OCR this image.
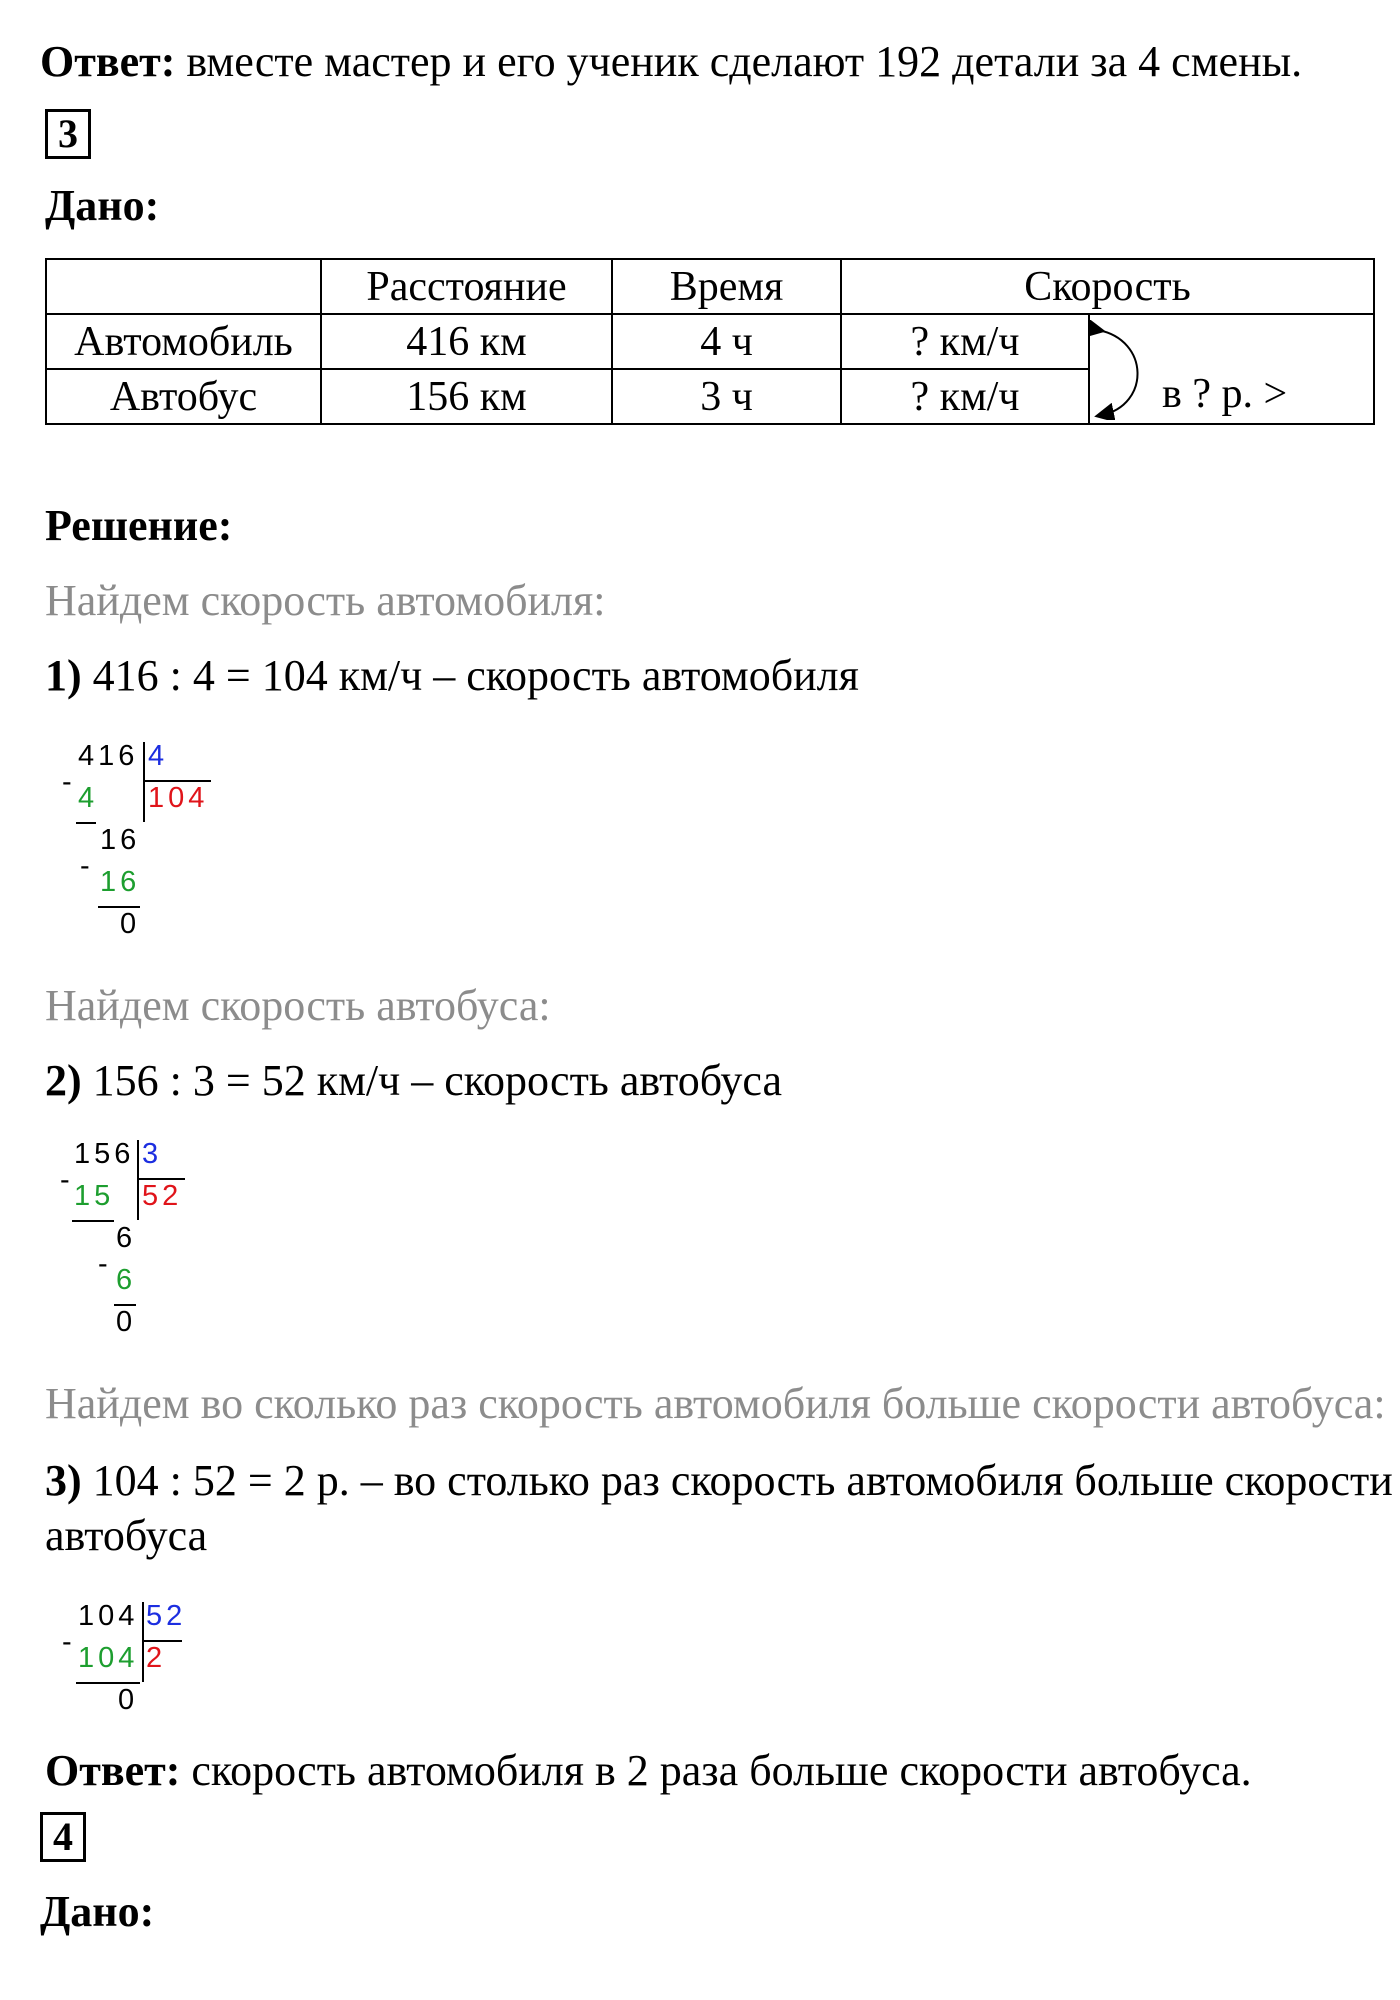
Ответ: вместе мастер и его ученик сделают 192 детали за 4 смены.
3
Дано:
	Расстояние	Время	Скорость	
Автомобиль	416 км	4 ч	? км/ч	в ? р. >

Автобус	156 км	3 ч	? км/ч	
Решение:
Найдем скорость автомобиля:
1) 416 : 4 = 104 км/ч – скорость автомобиля
416 4
- 4 104
16
- 16
0
Найдем скорость автобуса:
2) 156 : 3 = 52 км/ч – скорость автобуса
156 3
- 15 52
6
- 6
0
Найдем во сколько раз скорость автомобиля больше скорости автобуса:
3) 104 : 52 = 2 р. – во столько раз скорость автомобиля больше скорости
автобуса
104 52
- 104 2
0
Ответ: скорость автомобиля в 2 раза больше скорости автобуса.
4
Дано:
